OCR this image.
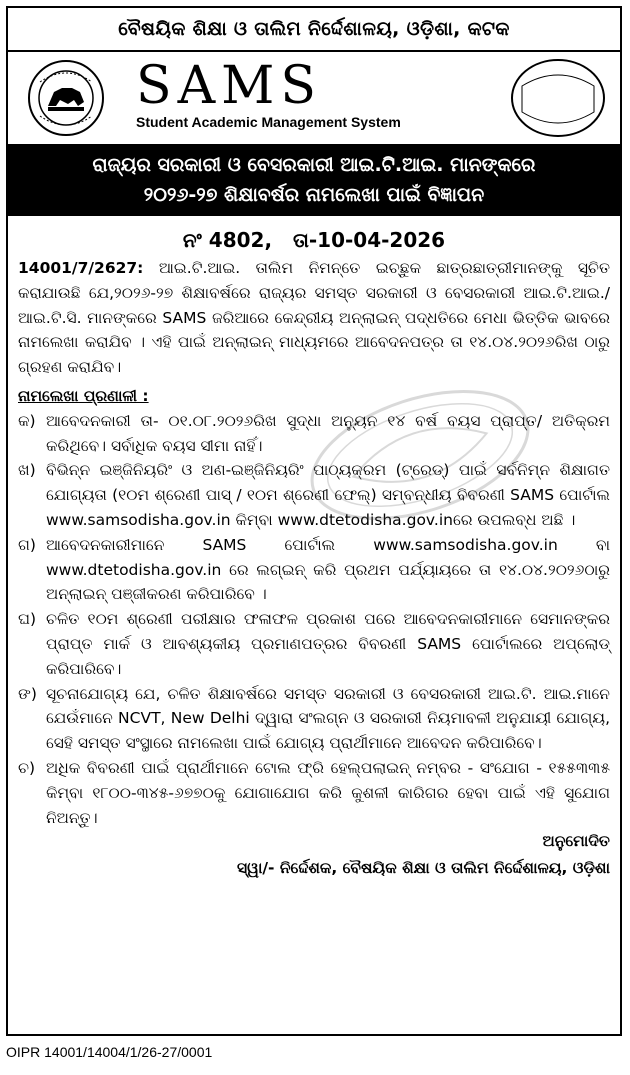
ବୈଷୟିକ ଶିକ୍ଷା ଓ ତାଲିମ ନିର୍ଦ୍ଦେଶାଳୟ, ଓଡ଼ିଶା, କଟକ
SAMS
Student Academic Management System
ରାଜ୍ୟର ସରକାରୀ ଓ ବେସରକାରୀ ଆଇ.ଟି.ଆଇ. ମାନଙ୍କରେ
୨୦୨୬-୨୭ ଶିକ୍ଷାବର୍ଷର ନାମଲେଖା ପାଇଁ ବିଜ୍ଞାପନ
ନଂ 4802, ତା-10-04-2026

14001/7/2627: ଆଇ.ଟି.ଆଇ. ତାଲିମ ନିମନ୍ତେ ଇଚ୍ଛୁକ ଛାତ୍ରଛାତ୍ରୀମାନଙ୍କୁ ସୂଚିତ କରାଯାଉଛି ଯେ,୨୦୨୬-୨୭ ଶିକ୍ଷାବର୍ଷରେ ରାଜ୍ୟର ସମସ୍ତ ସରକାରୀ ଓ ବେସରକାରୀ ଆଇ.ଟି.ଆଇ./ ଆଇ.ଟି.ସି. ମାନଙ୍କରେ SAMS ଜରିଆରେ କେନ୍ଦ୍ରୀୟ ଅନ୍‌ଲାଇନ୍ ପଦ୍ଧତିରେ ମେଧା ଭିତ୍ତିକ ଭାବରେ ନାମଲେଖା କରାଯିବ । ଏହି ପାଇଁ ଅନ୍‌ଲାଇନ୍ ମାଧ୍ୟମରେ ଆବେଦନପତ୍ର ତା ୧୪.୦୪.୨୦୨୬ରିଖ ଠାରୁ ଗ୍ରହଣ କରାଯିବ।

ନାମଲେଖା ପ୍ରଣାଳୀ :
କ) ଆବେଦନକାରୀ ତା- ୦୧.୦୮.୨୦୨୬ରିଖ ସୁଦ୍ଧା ଅନ୍ୟୁନ ୧୪ ବର୍ଷ ବୟସ ପ୍ରାପ୍ତ/ ଅତିକ୍ରମ କରିଥିବେ। ସର୍ବାଧିକ ବୟସ ସୀମା ନାହିଁ।
ଖ) ବିଭିନ୍ନ ଇଞ୍ଜିନିୟରିଂ ଓ ଅଣ-ଇଞ୍ଜିନିୟରିଂ ପାଠ୍ୟକ୍ରମ (ଟ୍ରେଡ୍) ପାଇଁ ସର୍ବନିମ୍ନ ଶିକ୍ଷାଗତ ଯୋଗ୍ୟତା (୧୦ମ ଶ୍ରେଣୀ ପାସ୍ / ୧୦ମ ଶ୍ରେଣୀ ଫେଲ୍) ସମ୍ବନ୍ଧୀୟ ବିବରଣୀ SAMS ପୋର୍ଟାଲ www.samsodisha.gov.in କିମ୍ବା www.dtetodisha.gov.inରେ ଉପଲବ୍ଧ ଅଛି ।
ଗ) ଆବେଦନକାରୀମାନେ SAMS ପୋର୍ଟାଲ www.samsodisha.gov.in ବା www.dtetodisha.gov.in ରେ ଲଗ୍‌ଇନ୍ କରି ପ୍ରଥମ ପର୍ଯ୍ୟାୟରେ ତା ୧୪.୦୪.୨୦୨୬ଠାରୁ ଅନ୍‌ଲାଇନ୍ ପଞ୍ଜୀକରଣ କରିପାରିବେ ।
ଘ) ଚଳିତ ୧୦ମ ଶ୍ରେଣୀ ପରୀକ୍ଷାର ଫଳାଫଳ ପ୍ରକାଶ ପରେ ଆବେଦନକାରୀମାନେ ସେମାନଙ୍କର ପ୍ରାପ୍ତ ମାର୍କ ଓ ଆବଶ୍ୟକୀୟ ପ୍ରମାଣପତ୍ରର ବିବରଣୀ SAMS ପୋର୍ଟାଲରେ ଅପ୍‌ଲୋଡ୍ କରିପାରିବେ।
ଙ) ସୂଚନାଯୋଗ୍ୟ ଯେ, ଚଳିତ ଶିକ୍ଷାବର୍ଷରେ ସମସ୍ତ ସରକାରୀ ଓ ବେସରକାରୀ ଆଇ.ଟି. ଆଇ.ମାନେ ଯେଉଁମାନେ NCVT, New Delhi ଦ୍ୱାରା ସଂଲଗ୍ନ ଓ ସରକାରୀ ନିୟମାବଳୀ ଅନୁଯାୟୀ ଯୋଗ୍ୟ, ସେହି ସମସ୍ତ ସଂସ୍ଥାରେ ନାମଲେଖା ପାଇଁ ଯୋଗ୍ୟ ପ୍ରାର୍ଥୀମାନେ ଆବେଦନ କରିପାରିବେ।
ଚ) ଅଧିକ ବିବରଣୀ ପାଇଁ ପ୍ରାର୍ଥୀମାନେ ଟୋଲ ଫ୍ରି ହେଲ୍ପଲାଇନ୍ ନମ୍ବର - ସଂଯୋଗ - ୧୫୫୩୩୫ କିମ୍ବା ୧୮୦୦-୩୪୫-୬୭୭୦କୁ ଯୋଗାଯୋଗ କରି କୁଶଳୀ କାରିଗର ହେବା ପାଇଁ ଏହି ସୁଯୋଗ ନିଅନ୍ତୁ।
ଅନୁମୋଦିତ
ସ୍ୱା/- ନିର୍ଦ୍ଦେଶକ, ବୈଷୟିକ ଶିକ୍ଷା ଓ ତାଲିମ ନିର୍ଦ୍ଦେଶାଳୟ, ଓଡ଼ିଶା
OIPR 14001/14004/1/26-27/0001
